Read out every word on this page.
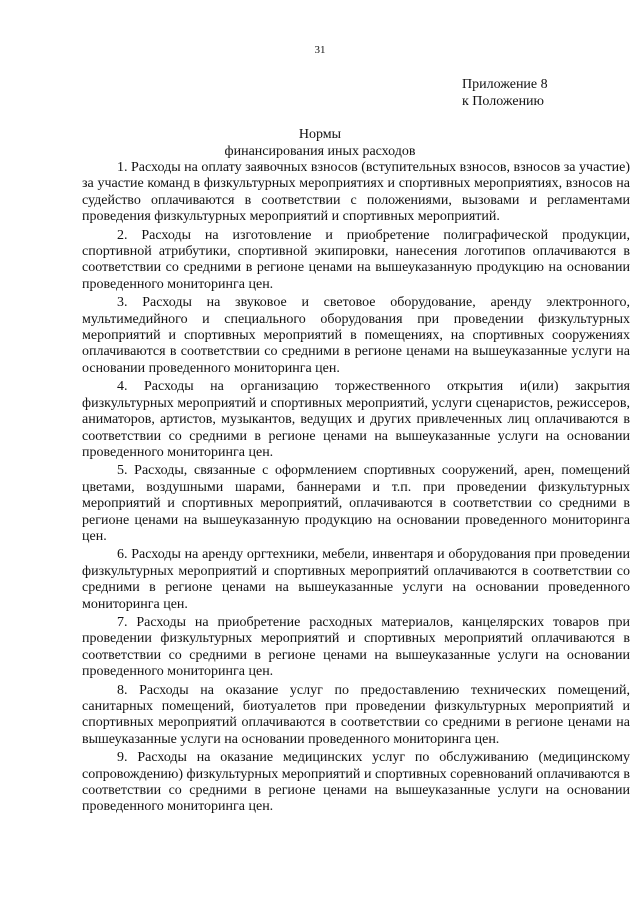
31
Приложение 8
к Положению
Нормы
финансирования иных расходов

1. Расходы на оплату заявочных взносов (вступительных взносов, взносов за участие) за участие команд в физкультурных мероприятиях и спортивных мероприятиях, взносов на судейство оплачиваются в соответствии с положениями, вызовами и регламентами проведения физкультурных мероприятий и спортивных мероприятий.

2. Расходы на изготовление и приобретение полиграфической продукции, спортивной атрибутики, спортивной экипировки, нанесения логотипов оплачиваются в соответствии со средними в регионе ценами на вышеуказанную продукцию на основании проведенного мониторинга цен.

3. Расходы на звуковое и световое оборудование, аренду электронного, мультимедийного и специального оборудования при проведении физкультурных мероприятий и спортивных мероприятий в помещениях, на спортивных сооружениях оплачиваются в соответствии со средними в регионе ценами на вышеуказанные услуги на основании проведенного мониторинга цен.

4. Расходы на организацию торжественного открытия и(или) закрытия физкультурных мероприятий и спортивных мероприятий, услуги сценаристов, режиссеров, аниматоров, артистов, музыкантов, ведущих и других привлеченных лиц оплачиваются в соответствии со средними в регионе ценами на вышеуказанные услуги на основании проведенного мониторинга цен.

5. Расходы, связанные с оформлением спортивных сооружений, арен, помещений цветами, воздушными шарами, баннерами и т.п. при проведении физкультурных мероприятий и спортивных мероприятий, оплачиваются в соответствии со средними в регионе ценами на вышеуказанную продукцию на основании проведенного мониторинга цен.

6. Расходы на аренду оргтехники, мебели, инвентаря и оборудования при проведении физкультурных мероприятий и спортивных мероприятий оплачиваются в соответствии со средними в регионе ценами на вышеуказанные услуги на основании проведенного мониторинга цен.

7. Расходы на приобретение расходных материалов, канцелярских товаров при проведении физкультурных мероприятий и спортивных мероприятий оплачиваются в соответствии со средними в регионе ценами на вышеуказанные услуги на основании проведенного мониторинга цен.

8. Расходы на оказание услуг по предоставлению технических помещений, санитарных помещений, биотуалетов при проведении физкультурных мероприятий и спортивных мероприятий оплачиваются в соответствии со средними в регионе ценами на вышеуказанные услуги на основании проведенного мониторинга цен.

9. Расходы на оказание медицинских услуг по обслуживанию (медицинскому сопровождению) физкультурных мероприятий и спортивных соревнований оплачиваются в соответствии со средними в регионе ценами на вышеуказанные услуги на основании проведенного мониторинга цен.
